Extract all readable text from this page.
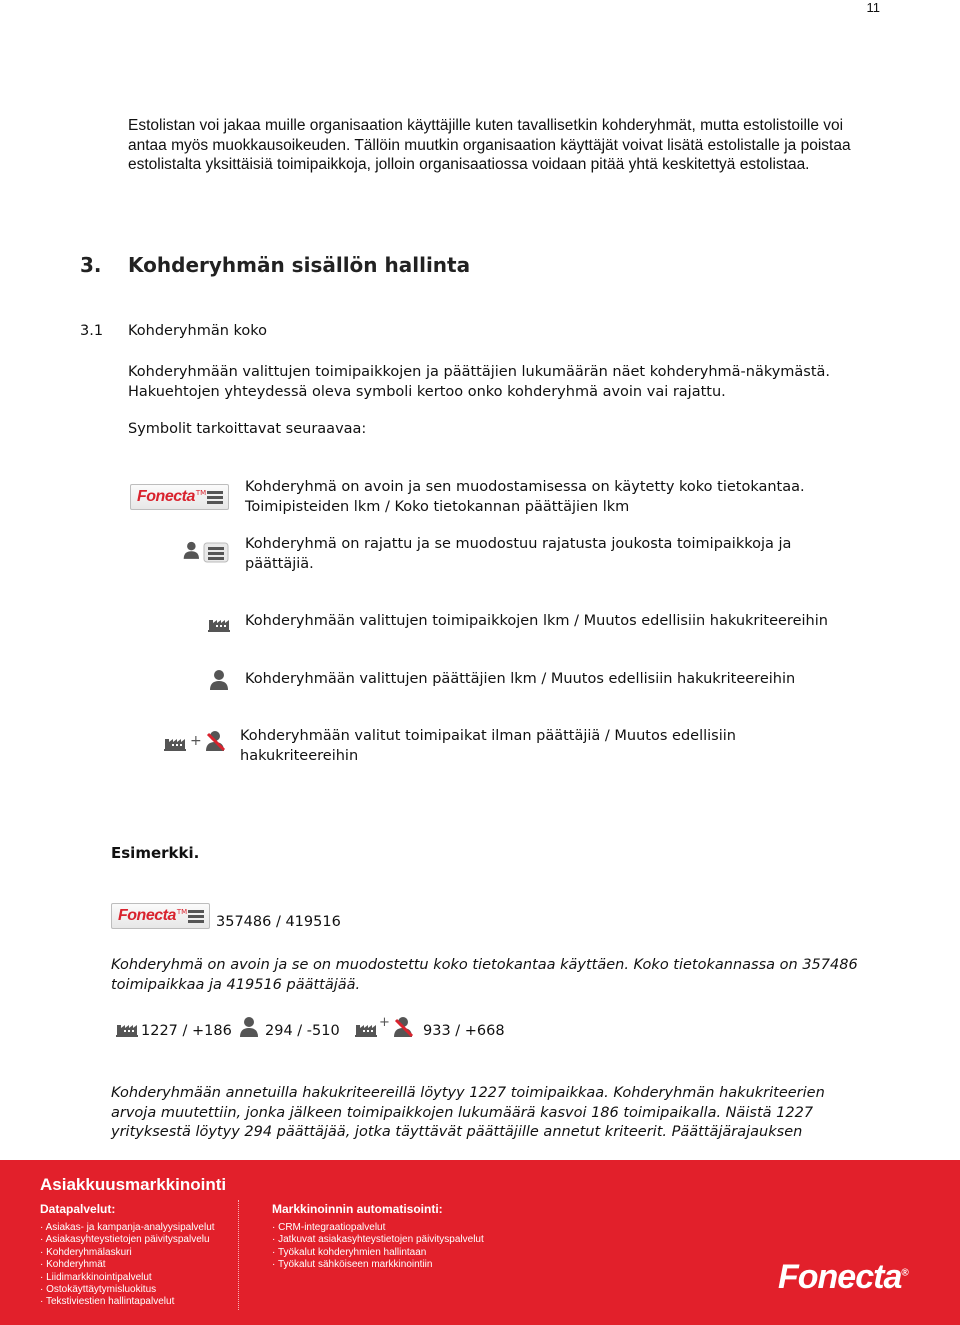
11
Estolistan voi jakaa muille organisaation käyttäjille kuten tavallisetkin kohderyhmät, mutta estolistoille voi antaa myös muokkausoikeuden. Tällöin muutkin organisaation käyttäjät voivat lisätä estolistalle ja poistaa estolistalta yksittäisiä toimipaikkoja, jolloin organisaatiossa voidaan pitää yhtä keskitettyä estolistaa.
3. Kohderyhmän sisällön hallinta
3.1 Kohderyhmän koko
Kohderyhmään valittujen toimipaikkojen ja päättäjien lukumäärän näet kohderyhmä-näkymästä.
Hakuehtojen yhteydessä oleva symboli kertoo onko kohderyhmä avoin vai rajattu.
Symbolit tarkoittavat seuraavaa:
Fonecta TM	Kohderyhmä on avoin ja sen muodostamisessa on käytetty koko tietokantaa.
Toimipisteiden lkm / Koko tietokannan päättäjien lkm
Kohderyhmä on rajattu ja se muodostuu rajatusta joukosta toimipaikkoja ja päättäjiä.
Kohderyhmään valittujen toimipaikkojen lkm / Muutos edellisiin hakukriteereihin
Kohderyhmään valittujen päättäjien lkm / Muutos edellisiin hakukriteereihin
+	Kohderyhmään valitut toimipaikat ilman päättäjiä / Muutos edellisiin hakukriteereihin
Esimerkki.
Fonecta TM
357486 / 419516
Kohderyhmä on avoin ja se on muodostettu koko tietokantaa käyttäen. Koko tietokannassa on 357486 toimipaikkaa ja 419516 päättäjää.
1227 / +186 294 / -510
+
933 / +668
Kohderyhmään annetuilla hakukriteereillä löytyy 1227 toimipaikkaa. Kohderyhmän hakukriteerien
arvoja muutettiin, jonka jälkeen toimipaikkojen lukumäärä kasvoi 186 toimipaikalla. Näistä 1227
yrityksestä löytyy 294 päättäjää, jotka täyttävät päättäjille annetut kriteerit. Päättäjärajauksen
Asiakkuusmarkkinointi
Datapalvelut:
· Asiakas- ja kampanja-analyysipalvelut
· Asiakasyhteystietojen päivityspalvelu
· Kohderyhmälaskuri
· Kohderyhmät
· Liidimarkkinointipalvelut
· Ostokäyttäytymisluokitus
· Tekstiviestien hallintapalvelut
Markkinoinnin automatisointi:
· CRM-integraatiopalvelut
· Jatkuvat asiakasyhteystietojen päivityspalvelut
· Työkalut kohderyhmien hallintaan
· Työkalut sähköiseen markkinointiin	Fonecta®
